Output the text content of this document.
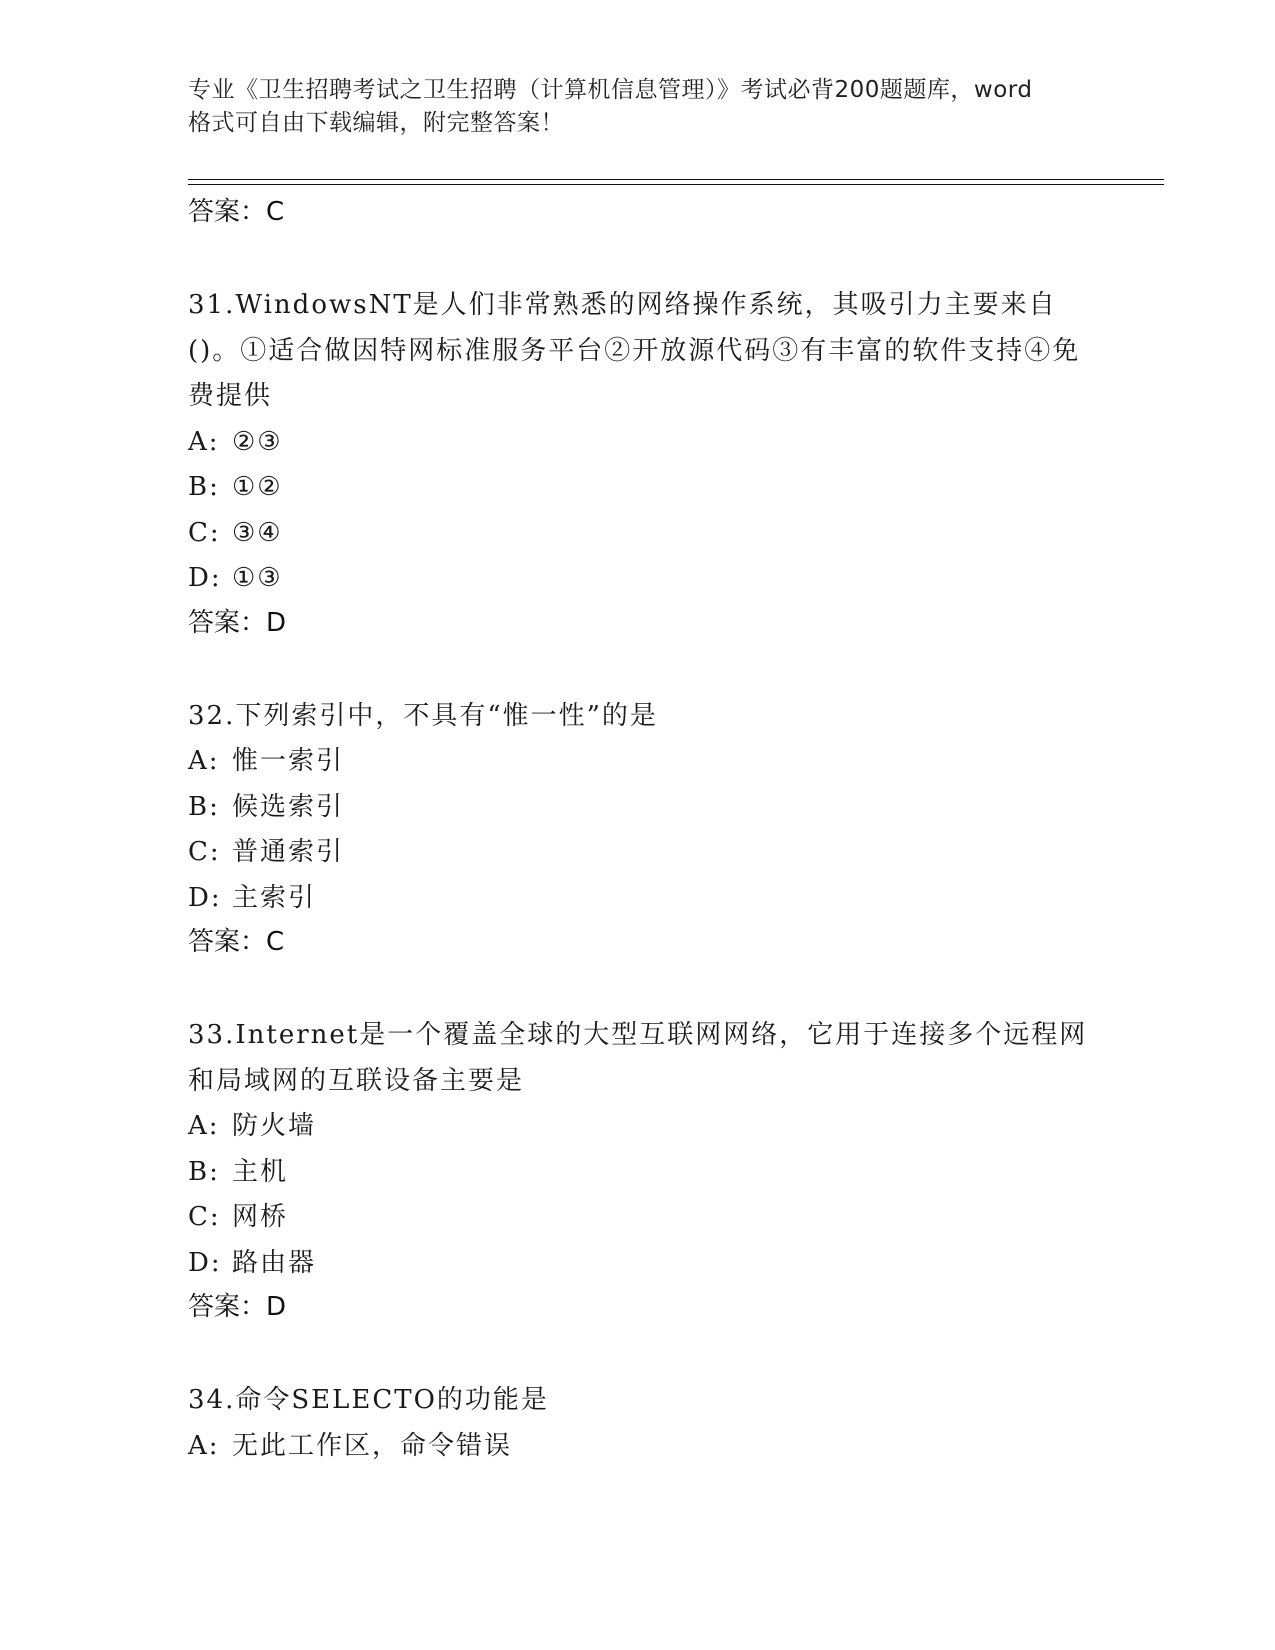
专业《卫生招聘考试之卫生招聘（计算机信息管理）》考试必背200题题库，word
格式可自由下载编辑，附完整答案！
答案：C
31.WindowsNT是人们非常熟悉的网络操作系统，其吸引力主要来自()。①适合做因特网标准服务平台②开放源代码③有丰富的软件支持④免费提供
A: ②③
B: ①②
C: ③④
D: ①③
答案：D
32.下列索引中，不具有“惟一性”的是
A: 惟一索引
B: 候选索引
C: 普通索引
D: 主索引
答案：C
33.Internet是一个覆盖全球的大型互联网网络，它用于连接多个远程网和局域网的互联设备主要是
A: 防火墙
B: 主机
C: 网桥
D: 路由器
答案：D
34.命令SELECTO的功能是
A: 无此工作区，命令错误
